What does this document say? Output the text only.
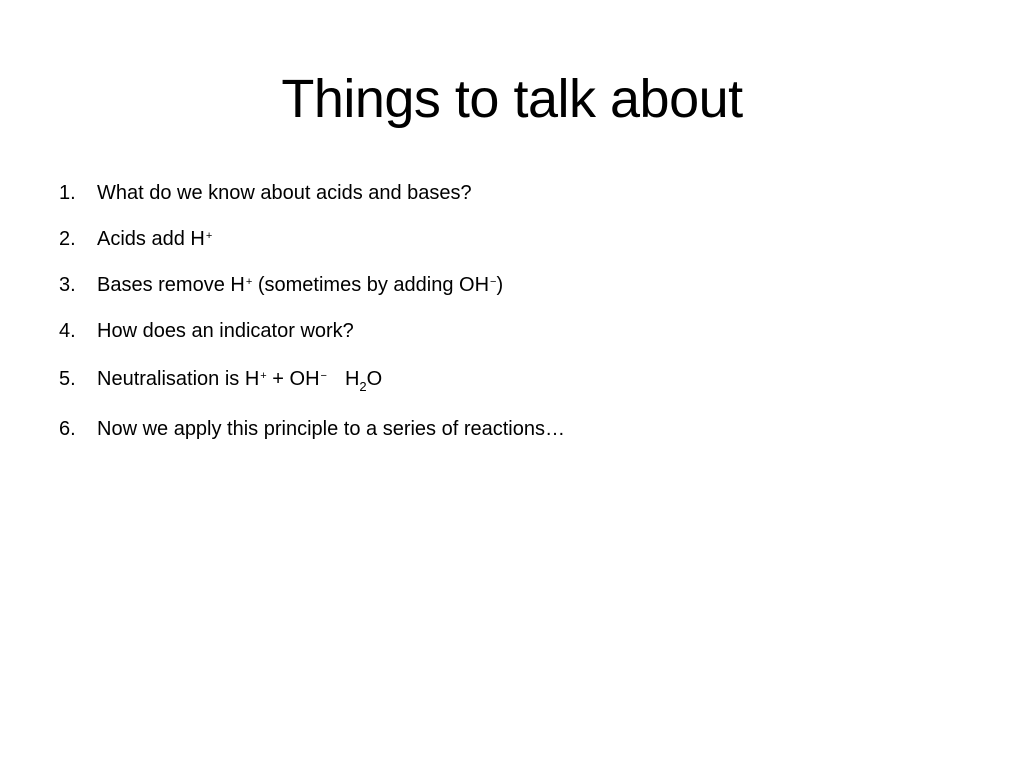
Things to talk about
1.	What do we know about acids and bases?
2.	Acids add H+
3.	Bases remove H+ (sometimes by adding OH−)
4.	How does an indicator work?
5.	Neutralisation is H+ + OH− $H_2O$
6.	Now we apply this principle to a series of reactions…
